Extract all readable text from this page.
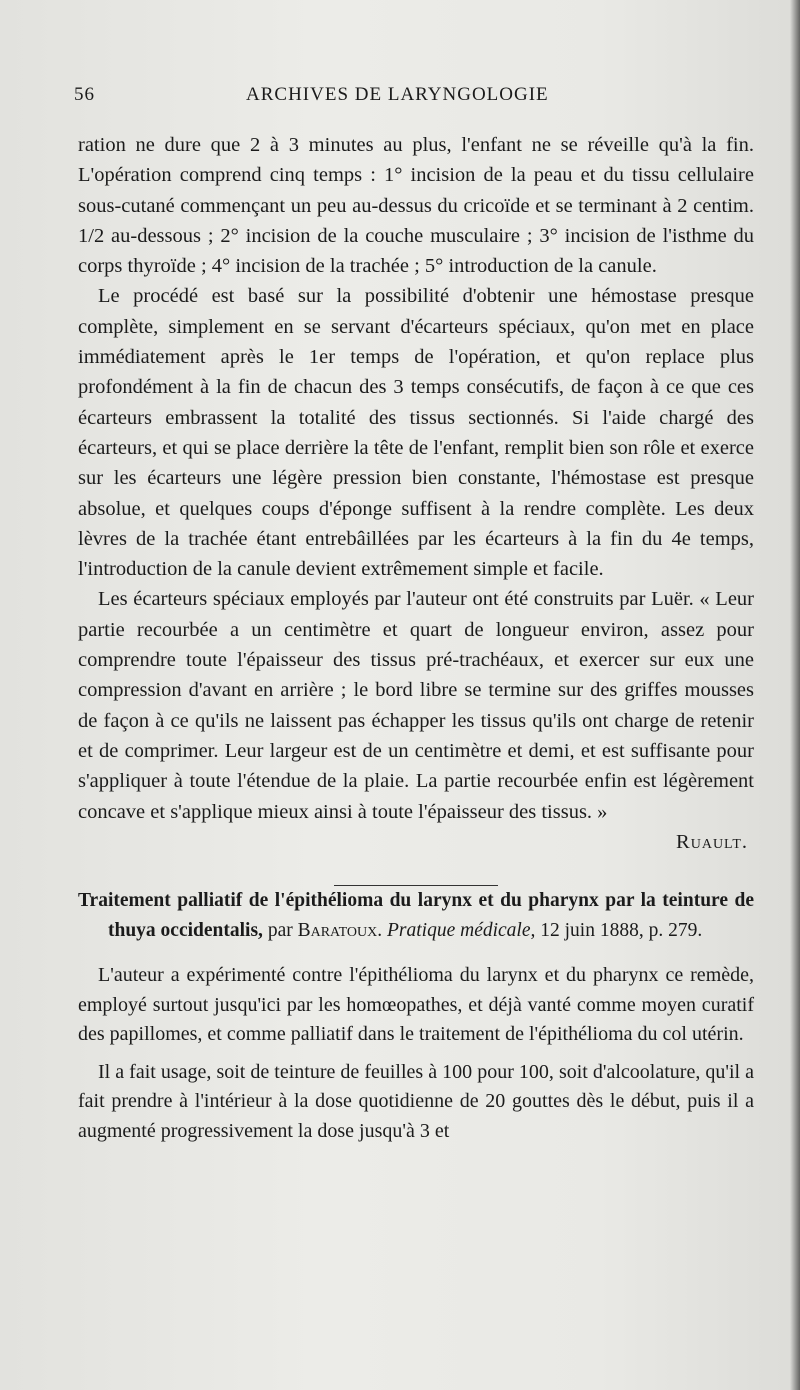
56	ARCHIVES DE LARYNGOLOGIE

ration ne dure que 2 à 3 minutes au plus, l'enfant ne se réveille qu'à la fin. L'opération comprend cinq temps : 1° incision de la peau et du tissu cellulaire sous-cutané commençant un peu au-dessus du cricoïde et se terminant à 2 centim. 1/2 au-dessous ; 2° incision de la couche musculaire ; 3° incision de l'isthme du corps thyroïde ; 4° incision de la trachée ; 5° introduction de la canule.

Le procédé est basé sur la possibilité d'obtenir une hémostase presque complète, simplement en se servant d'écarteurs spéciaux, qu'on met en place immédiatement après le 1er temps de l'opération, et qu'on replace plus profondément à la fin de chacun des 3 temps consécutifs, de façon à ce que ces écarteurs embrassent la totalité des tissus sectionnés. Si l'aide chargé des écarteurs, et qui se place derrière la tête de l'enfant, remplit bien son rôle et exerce sur les écarteurs une légère pression bien constante, l'hémostase est presque absolue, et quelques coups d'éponge suffisent à la rendre complète. Les deux lèvres de la trachée étant entrebâillées par les écarteurs à la fin du 4e temps, l'introduction de la canule devient extrêmement simple et facile.

Les écarteurs spéciaux employés par l'auteur ont été construits par Luër. « Leur partie recourbée a un centimètre et quart de longueur environ, assez pour comprendre toute l'épaisseur des tissus pré-trachéaux, et exercer sur eux une compression d'avant en arrière ; le bord libre se termine sur des griffes mousses de façon à ce qu'ils ne laissent pas échapper les tissus qu'ils ont charge de retenir et de comprimer. Leur largeur est de un centimètre et demi, et est suffisante pour s'appliquer à toute l'étendue de la plaie. La partie recourbée enfin est légèrement concave et s'applique mieux ainsi à toute l'épaisseur des tissus. »

Ruault.

Traitement palliatif de l'épithélioma du larynx et du pharynx par la teinture de thuya occidentalis, par Baratoux. Pratique médicale, 12 juin 1888, p. 279.

L'auteur a expérimenté contre l'épithélioma du larynx et du pharynx ce remède, employé surtout jusqu'ici par les homœopathes, et déjà vanté comme moyen curatif des papillomes, et comme palliatif dans le traitement de l'épithélioma du col utérin.

Il a fait usage, soit de teinture de feuilles à 100 pour 100, soit d'alcoolature, qu'il a fait prendre à l'intérieur à la dose quotidienne de 20 gouttes dès le début, puis il a augmenté progressivement la dose jusqu'à 3 et
